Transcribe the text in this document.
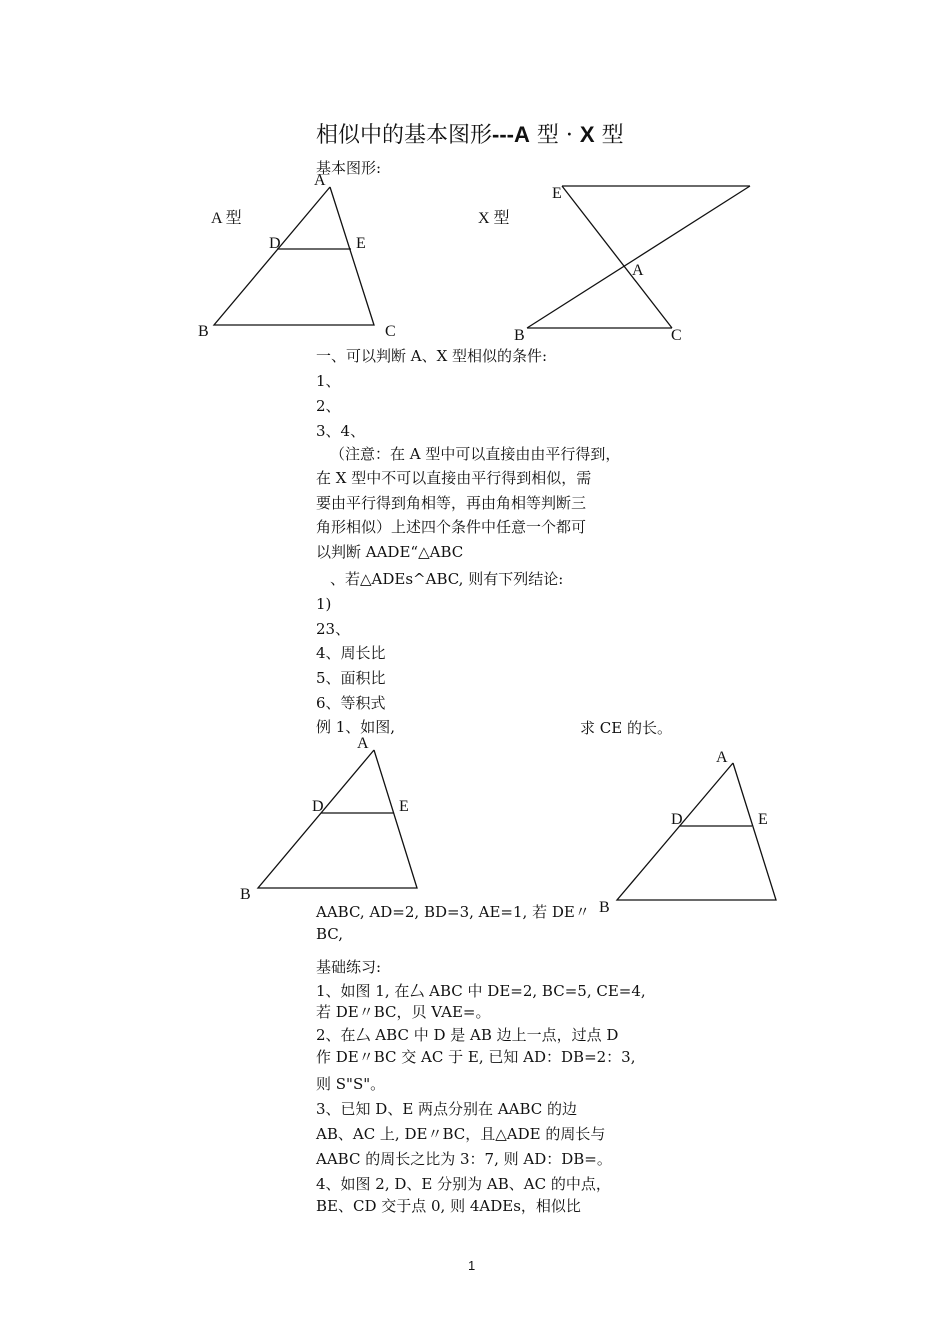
相似中的基本图形---A 型 · X 型
基本图形:
A 型
A
D	E
B	C
X 型
E
A
B	C
一、可以判断 A、X 型相似的条件:
1、
2、
3、4、
（注意：在 A 型中可以直接由由平行得到，
在 X 型中不可以直接由平行得到相似，需
要由平行得到角相等，再由角相等判断三
角形相似）上述四个条件中任意一个都可
以判断 AADE“△ABC
、若△ADEs^ABC, 则有下列结论:
1)
23、
4、周长比
5、面积比
6、等积式
例 1、如图,	求 CE 的长。
A
D	E
B
A
D	E
B
AABC, AD=2, BD=3, AE=1, 若 DE〃
BC,
基础练习:
1、如图 1, 在厶 ABC 中 DE=2, BC=5, CE=4,
若 DE〃BC，贝 VAE=。
2、在厶 ABC 中 D 是 AB 边上一点，过点 D
作 DE〃BC 交 AC 于 E, 已知 AD：DB=2：3,
则 S"S"。
3、已知 D、E 两点分别在 AABC 的边
AB、AC 上, DE〃BC，且△ADE 的周长与
AABC 的周长之比为 3：7, 则 AD：DB=。
4、如图 2, D、E 分别为 AB、AC 的中点，
BE、CD 交于点 0, 则 4ADEs，相似比
1
